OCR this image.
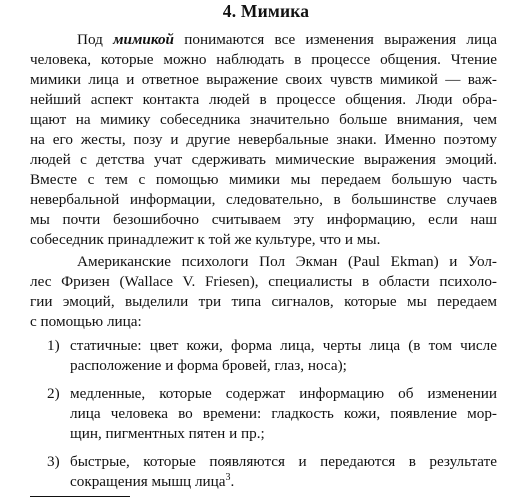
4. Мимика
Под мимикой понимаются все изменения выражения лица
человека, которые можно наблюдать в процессе общения. Чтение
мимики лица и ответное выражение своих чувств мимикой — важ-
нейший аспект контакта людей в процессе общения. Люди обра-
щают на мимику собеседника значительно больше внимания, чем
на его жесты, позу и другие невербальные знаки. Именно поэтому
людей с детства учат сдерживать мимические выражения эмоций.
Вместе с тем с помощью мимики мы передаем большую часть
невербальной информации, следовательно, в большинстве случаев
мы почти безошибочно считываем эту информацию, если наш
собеседник принадлежит к той же культуре, что и мы.
Американские психологи Пол Экман (Paul Ekman) и Уол-
лес Фризен (Wallace V. Friesen), специалисты в области психоло-
гии эмоций, выделили три типа сигналов, которые мы передаем
с помощью лица:
1) статичные: цвет кожи, форма лица, черты лица (в том числе
расположение и форма бровей, глаз, носа);
2) медленные, которые содержат информацию об изменении
лица человека во времени: гладкость кожи, появление мор-
щин, пигментных пятен и пр.;
3) быстрые, которые появляются и передаются в результате
сокращения мышц лица$^3$.
